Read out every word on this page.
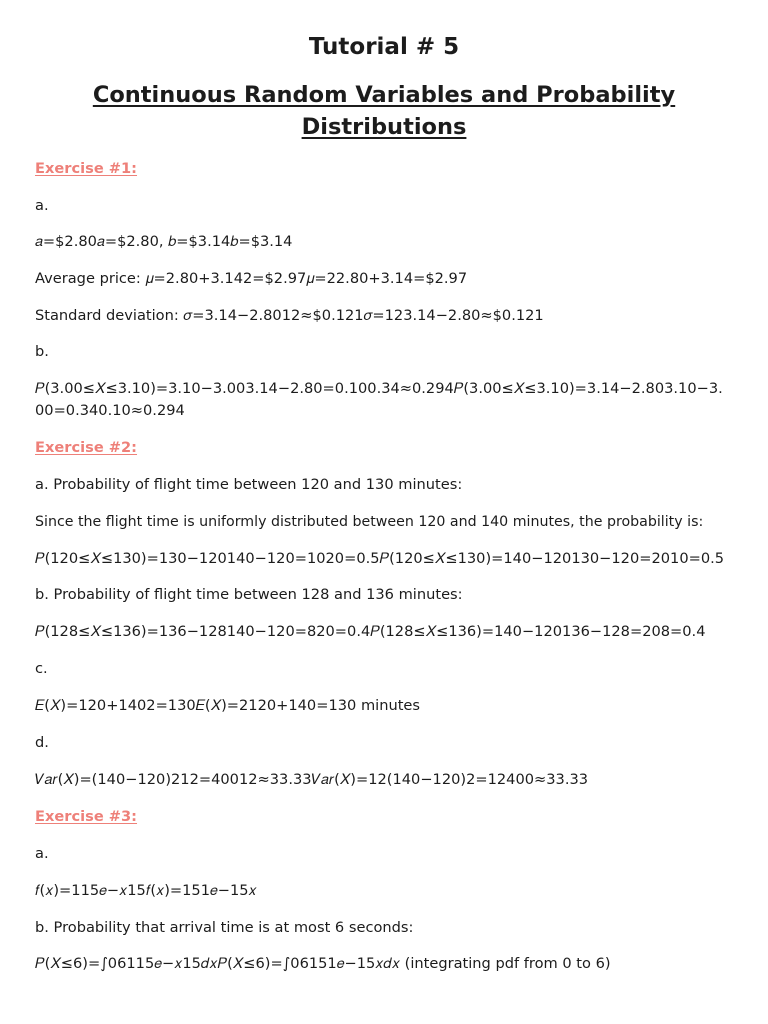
Tutorial # 5
Continuous Random Variables and Probability Distributions
Exercise #1:
a.
𝑎=$2.80𝑎=$2.80, 𝑏=$3.14𝑏=$3.14
Average price: 𝜇=2.80+3.142=$2.97𝜇=22.80+3.14=$2.97
Standard deviation: 𝜎=3.14−2.8012≈$0.121𝜎=123.14−2.80≈$0.121
b.
𝑃(3.00≤𝑋≤3.10)=3.10−3.003.14−2.80=0.100.34≈0.294𝑃(3.00≤𝑋≤3.10)=3.14−2.803.10−3.00=0.340.10≈0.294
Exercise #2:
a. Probability of flight time between 120 and 130 minutes:
Since the flight time is uniformly distributed between 120 and 140 minutes, the probability is:
𝑃(120≤𝑋≤130)=130−120140−120=1020=0.5𝑃(120≤𝑋≤130)=140−120130−120=2010=0.5
b. Probability of flight time between 128 and 136 minutes:
𝑃(128≤𝑋≤136)=136−128140−120=820=0.4𝑃(128≤𝑋≤136)=140−120136−128=208=0.4
c.
𝐸(𝑋)=120+1402=130𝐸(𝑋)=2120+140=130 minutes
d.
𝑉𝑎𝑟(𝑋)=(140−120)212=40012≈33.33𝑉𝑎𝑟(𝑋)=12(140−120)2=12400≈33.33
Exercise #3:
a.
𝑓(𝑥)=115𝑒−𝑥15𝑓(𝑥)=151𝑒−15𝑥
b. Probability that arrival time is at most 6 seconds:
𝑃(𝑋≤6)=∫06115𝑒−𝑥15𝑑𝑥𝑃(𝑋≤6)=∫06151𝑒−15𝑥𝑑𝑥 (integrating pdf from 0 to 6)
